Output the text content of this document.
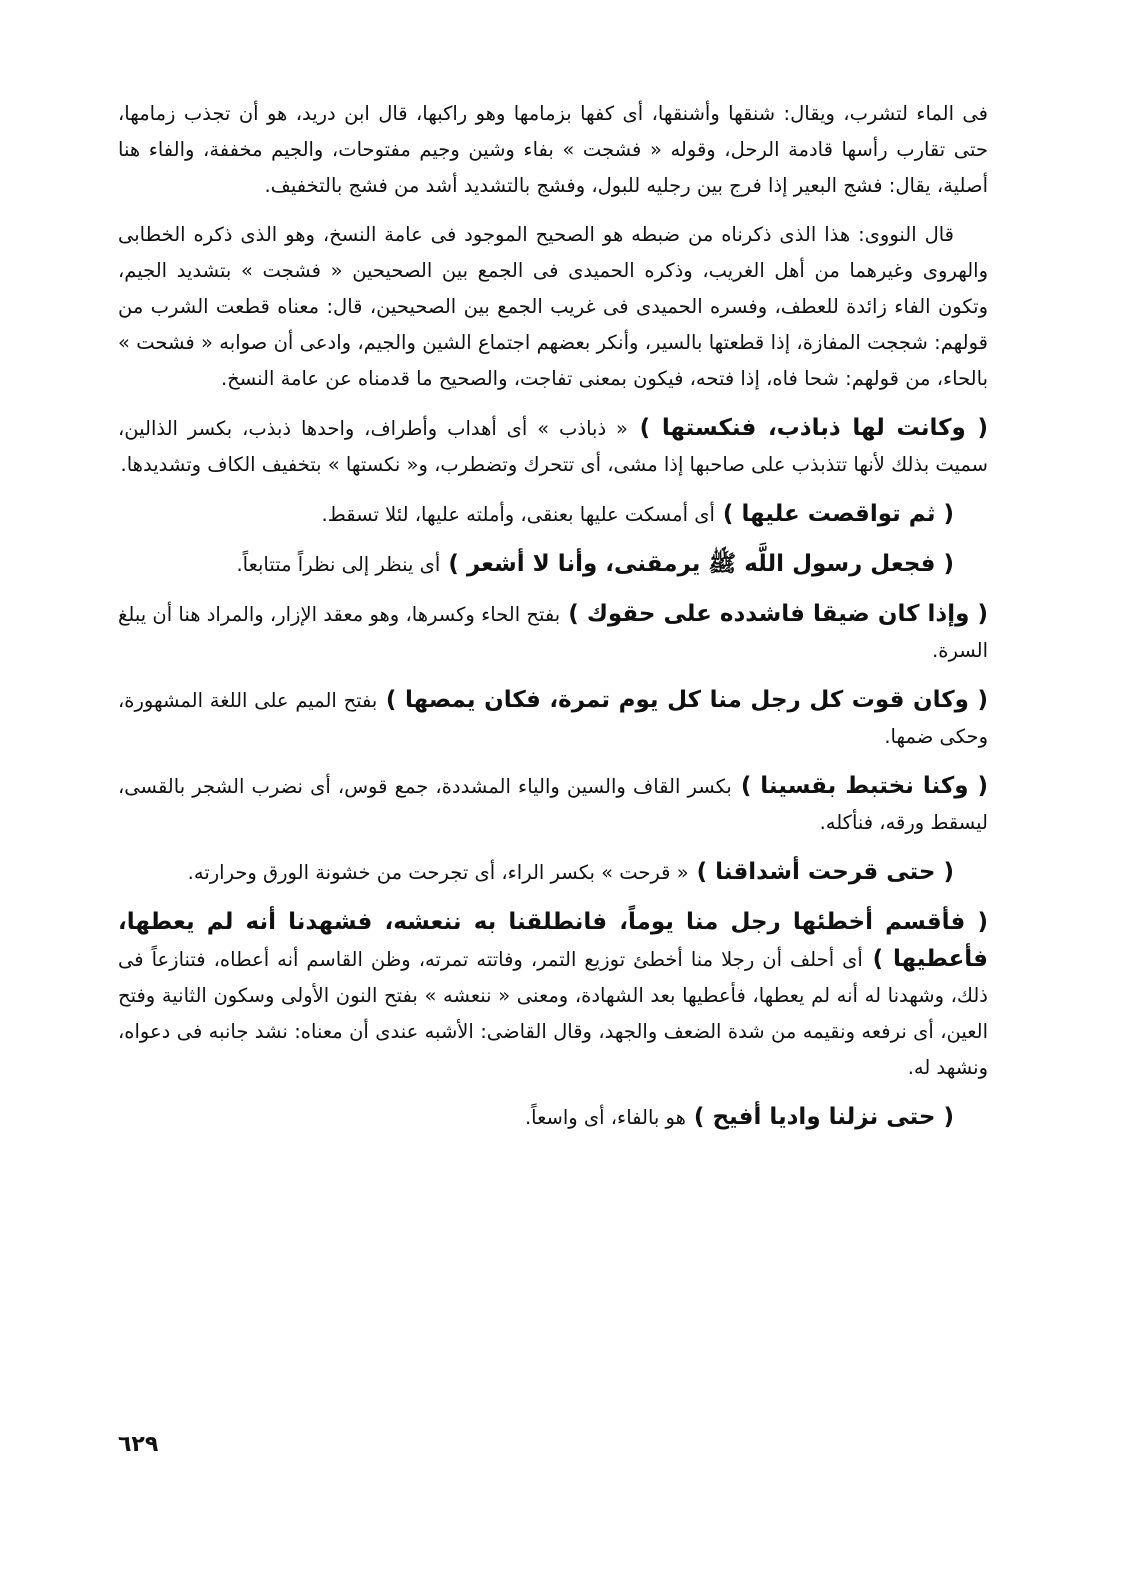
فى الماء لتشرب، ويقال: شنقها وأشنقها، أى كفها بزمامها وهو راكبها، قال ابن دريد، هو أن تجذب زمامها، حتى تقارب رأسها قادمة الرحل، وقوله « فشجت » بفاء وشين وجيم مفتوحات، والجيم مخففة، والفاء هنا أصلية، يقال: فشج البعير إذا فرج بين رجليه للبول، وفشج بالتشديد أشد من فشج بالتخفيف.

قال النووى: هذا الذى ذكرناه من ضبطه هو الصحيح الموجود فى عامة النسخ، وهو الذى ذكره الخطابى والهروى وغيرهما من أهل الغريب، وذكره الحميدى فى الجمع بين الصحيحين « فشجت » بتشديد الجيم، وتكون الفاء زائدة للعطف، وفسره الحميدى فى غريب الجمع بين الصحيحين، قال: معناه قطعت الشرب من قولهم: شججت المفازة، إذا قطعتها بالسير، وأنكر بعضهم اجتماع الشين والجيم، وادعى أن صوابه « فشحت » بالحاء، من قولهم: شحا فاه، إذا فتحه، فيكون بمعنى تفاجت، والصحيح ما قدمناه عن عامة النسخ.

( وكانت لها ذباذب، فنكستها ) « ذباذب » أى أهداب وأطراف، واحدها ذبذب، بكسر الذالين، سميت بذلك لأنها تتذبذب على صاحبها إذا مشى، أى تتحرك وتضطرب، و« نكستها » بتخفيف الكاف وتشديدها.

( ثم تواقصت عليها ) أى أمسكت عليها بعنقى، وأملته عليها، لئلا تسقط.

( فجعل رسول اللَّه ﷺ يرمقنى، وأنا لا أشعر ) أى ينظر إلى نظراً متتابعاً.

( وإذا كان ضيقا فاشدده على حقوك ) بفتح الحاء وكسرها، وهو معقد الإزار، والمراد هنا أن يبلغ السرة.

( وكان قوت كل رجل منا كل يوم تمرة، فكان يمصها ) بفتح الميم على اللغة المشهورة، وحكى ضمها.

( وكنا نختبط بقسينا ) بكسر القاف والسين والياء المشددة، جمع قوس، أى نضرب الشجر بالقسى، ليسقط ورقه، فنأكله.

( حتى قرحت أشداقنا ) « قرحت » بكسر الراء، أى تجرحت من خشونة الورق وحرارته.

( فأقسم أخطئها رجل منا يوماً، فانطلقنا به ننعشه، فشهدنا أنه لم يعطها، فأعطيها ) أى أحلف أن رجلا منا أخطئ توزيع التمر، وفاتته تمرته، وظن القاسم أنه أعطاه، فتنازعاً فى ذلك، وشهدنا له أنه لم يعطها، فأعطيها بعد الشهادة، ومعنى « ننعشه » بفتح النون الأولى وسكون الثانية وفتح العين، أى نرفعه ونقيمه من شدة الضعف والجهد، وقال القاضى: الأشبه عندى أن معناه: نشد جانبه فى دعواه، ونشهد له.

( حتى نزلنا واديا أفيح ) هو بالفاء، أى واسعاً.

٦٢٩
